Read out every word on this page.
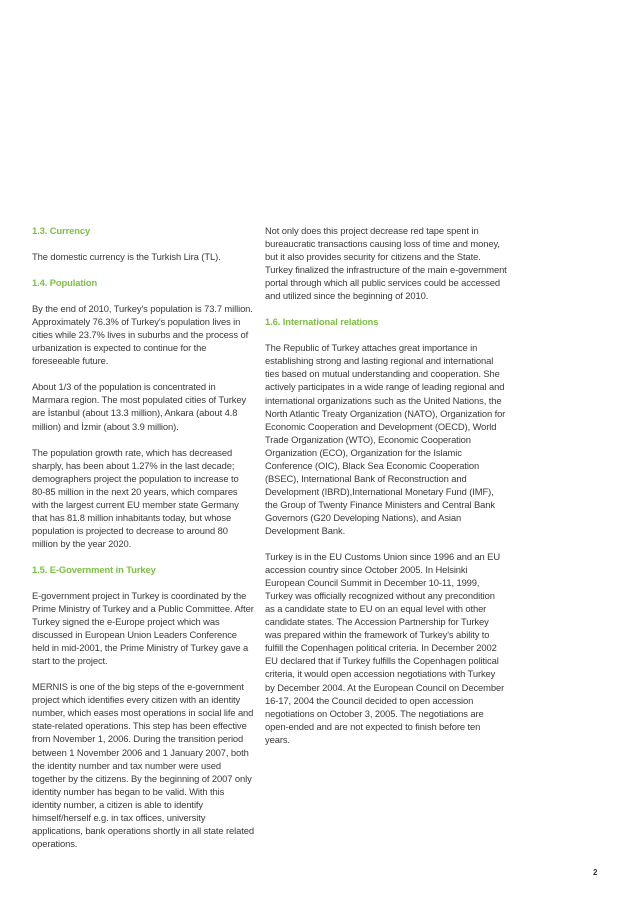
1.3. Currency

The domestic currency is the Turkish Lira (TL).

1.4. Population

By the end of 2010, Turkey's population is 73.7 million. Approximately 76.3% of Turkey's population lives in cities while 23.7% lives in suburbs and the process of urbanization is expected to continue for the foreseeable future.

About 1/3 of the population is concentrated in Marmara region. The most populated cities of Turkey are İstanbul (about 13.3 million), Ankara (about 4.8 million) and İzmir (about 3.9 million).

The population growth rate, which has decreased sharply, has been about 1.27% in the last decade; demographers project the population to increase to 80-85 million in the next 20 years, which compares with the largest current EU member state Germany that has 81.8 million inhabitants today, but whose population is projected to decrease to around 80 million by the year 2020.

1.5. E-Government in Turkey

E-government project in Turkey is coordinated by the Prime Ministry of Turkey and a Public Committee. After Turkey signed the e-Europe project which was discussed in European Union Leaders Conference held in mid-2001, the Prime Ministry of Turkey gave a start to the project.

MERNIS is one of the big steps of the e-government project which identifies every citizen with an identity number, which eases most operations in social life and state-related operations. This step has been effective from November 1, 2006. During the transition period between 1 November 2006 and 1 January 2007, both the identity number and tax number were used together by the citizens. By the beginning of 2007 only identity number has began to be valid. With this identity number, a citizen is able to identify himself/herself e.g. in tax offices, university applications, bank operations shortly in all state related operations.

Not only does this project decrease red tape spent in bureaucratic transactions causing loss of time and money, but it also provides security for citizens and the State. Turkey finalized the infrastructure of the main e-government portal through which all public services could be accessed and utilized since the beginning of 2010.

1.6. International relations

The Republic of Turkey attaches great importance in establishing strong and lasting regional and international ties based on mutual understanding and cooperation. She actively participates in a wide range of leading regional and international organizations such as the United Nations, the North Atlantic Treaty Organization (NATO), Organization for Economic Cooperation and Development (OECD), World Trade Organization (WTO), Economic Cooperation Organization (ECO), Organization for the Islamic Conference (OIC), Black Sea Economic Cooperation (BSEC), International Bank of Reconstruction and Development (IBRD),International Monetary Fund (IMF), the Group of Twenty Finance Ministers and Central Bank Governors (G20 Developing Nations), and Asian Development Bank.

Turkey is in the EU Customs Union since 1996 and an EU accession country since October 2005. In Helsinki European Council Summit in December 10-11, 1999, Turkey was officially recognized without any precondition as a candidate state to EU on an equal level with other candidate states. The Accession Partnership for Turkey was prepared within the framework of Turkey's ability to fulfill the Copenhagen political criteria. In December 2002 EU declared that if Turkey fulfills the Copenhagen political criteria, it would open accession negotiations with Turkey by December 2004. At the European Council on December 16-17, 2004 the Council decided to open accession negotiations on October 3, 2005. The negotiations are open-ended and are not expected to finish before ten years.

2
